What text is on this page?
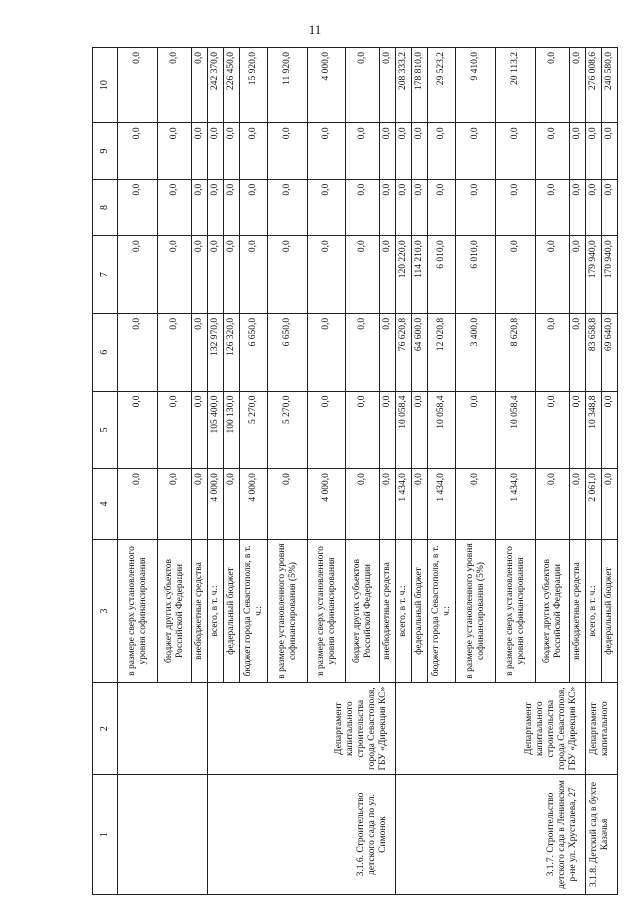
11
1	2	3	4	5	6	7	8	9	10
		в размере сверх установленного уровня софинансирования	0,0	0,0	0,0	0,0	0,0	0,0	0,0
		бюджет других субъектов Российской Федерации	0,0	0,0	0,0	0,0	0,0	0,0	0,0
		внебюджетные средства	0,0	0,0	0,0	0,0	0,0	0,0	0,0
3.1.6. Строительство детского сада по ул. Симонок	Департамент капитального строительства города Севастополя, ГБУ «Дирекция КС»	всего, в т. ч.:	4 000,0	105 400,0	132 970,0	0,0	0,0	0,0	242 370,0
		федеральный бюджет	0,0	100 130,0	126 320,0	0,0	0,0	0,0	226 450,0
		бюджет города Севастополя, в т. ч.:	4 000,0	5 270,0	6 650,0	0,0	0,0	0,0	15 920,0
		в размере установленного уровня софинансирования (5%)	0,0	5 270,0	6 650,0	0,0	0,0	0,0	11 920,0
		в размере сверх установленного уровня софинансирования	4 000,0	0,0	0,0	0,0	0,0	0,0	4 000,0
		бюджет других субъектов Российской Федерации	0,0	0,0	0,0	0,0	0,0	0,0	0,0
		внебюджетные средства	0,0	0,0	0,0	0,0	0,0	0,0	0,0
3.1.7. Строительство детского сада в Ленинском р-не ул. Хрусталева, 27	Департамент капитального строительства города Севастополя, ГБУ «Дирекция КС»	всего, в т. ч.:	1 434,0	10 058,4	76 620,8	120 220,0	0,0	0,0	208 333,2
		федеральный бюджет	0,0	0,0	64 600,0	114 210,0	0,0	0,0	178 810,0
		бюджет города Севастополя, в т. ч.:	1 434,0	10 058,4	12 020,8	6 010,0	0,0	0,0	29 523,2
		в размере установленного уровня софинансирования (5%)	0,0	0,0	3 400,0	6 010,0	0,0	0,0	9 410,0
		в размере сверх установленного уровня софинансирования	1 434,0	10 058,4	8 620,8	0,0	0,0	0,0	20 113,2
		бюджет других субъектов Российской Федерации	0,0	0,0	0,0	0,0	0,0	0,0	0,0
		внебюджетные средства	0,0	0,0	0,0	0,0	0,0	0,0	0,0
3.1.8. Детский сад в бухте Казачья	Департамент капитального	всего, в т. ч.:	2 061,0	10 348,8	83 658,8	179 940,0	0,0	0,0	276 008,6
		федеральный бюджет	0,0	0,0	69 640,0	170 940,0	0,0	0,0	240 580,0
